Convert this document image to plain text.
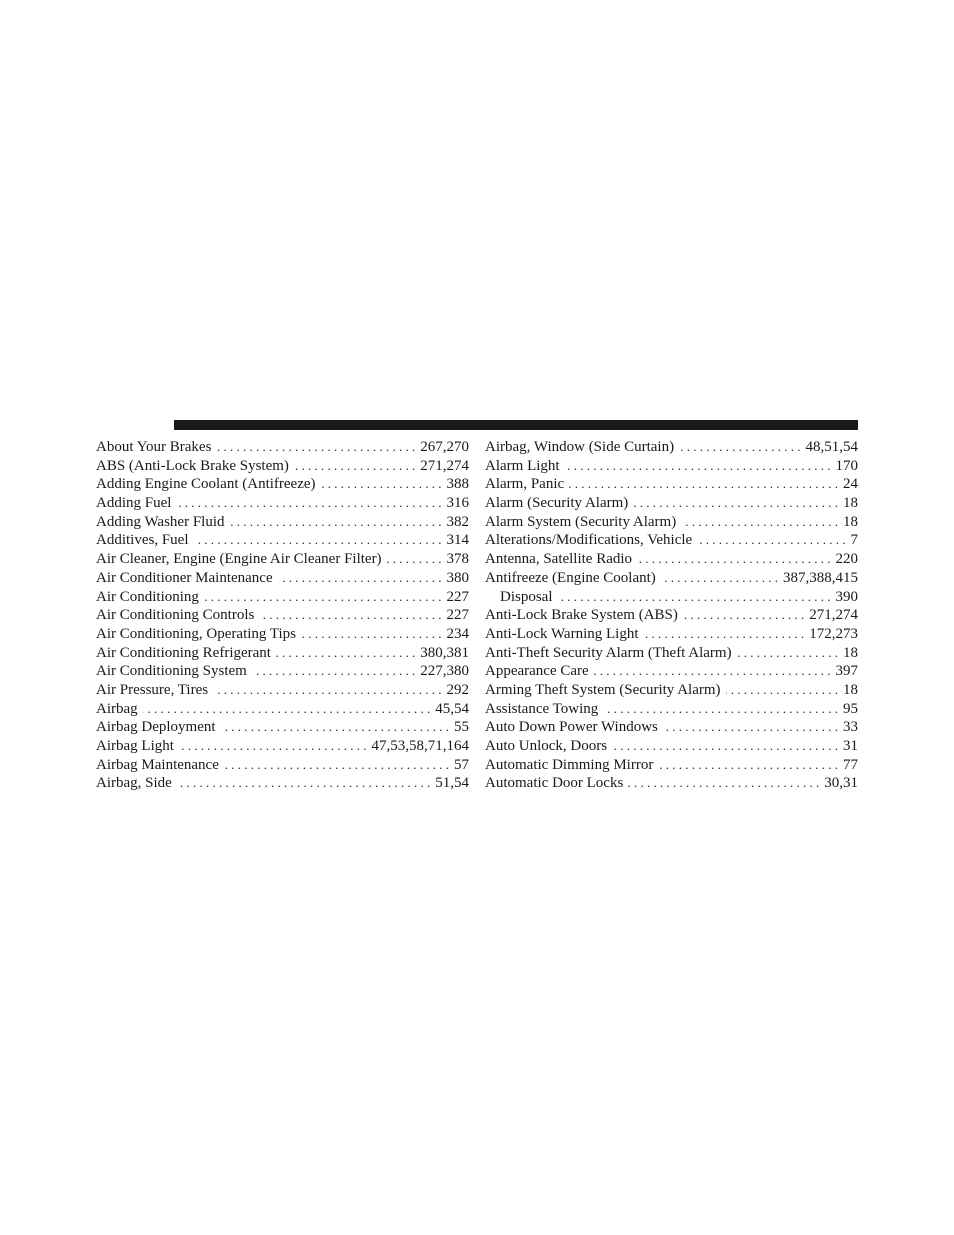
About Your Brakes . . .	267,270
ABS (Anti-Lock Brake System) . . .	271,274
Adding Engine Coolant (Antifreeze) . . .	388
Adding Fuel . . .	316
Adding Washer Fluid . . .	382
Additives, Fuel . . .	314
Air Cleaner, Engine (Engine Air Cleaner Filter) . . .	378
Air Conditioner Maintenance . . .	380
Air Conditioning . . .	227
Air Conditioning Controls . . .	227
Air Conditioning, Operating Tips . . .	234
Air Conditioning Refrigerant . . .	380,381
Air Conditioning System . . .	227,380
Air Pressure, Tires . . .	292
Airbag . . .	45,54
Airbag Deployment . . .	55
Airbag Light . . .	47,53,58,71,164
Airbag Maintenance . . .	57
Airbag, Side . . .	51,54
Airbag, Window (Side Curtain) . . .	48,51,54
Alarm Light . . .	170
Alarm, Panic . . .	24
Alarm (Security Alarm) . . .	18
Alarm System (Security Alarm) . . .	18
Alterations/Modifications, Vehicle . . .	7
Antenna, Satellite Radio . . .	220
Antifreeze (Engine Coolant) . . .	387,388,415
Disposal . . .	390
Anti-Lock Brake System (ABS) . . .	271,274
Anti-Lock Warning Light . . .	172,273
Anti-Theft Security Alarm (Theft Alarm) . . .	18
Appearance Care . . .	397
Arming Theft System (Security Alarm) . . .	18
Assistance Towing . . .	95
Auto Down Power Windows . . .	33
Auto Unlock, Doors . . .	31
Automatic Dimming Mirror . . .	77
Automatic Door Locks . . .	30,31
